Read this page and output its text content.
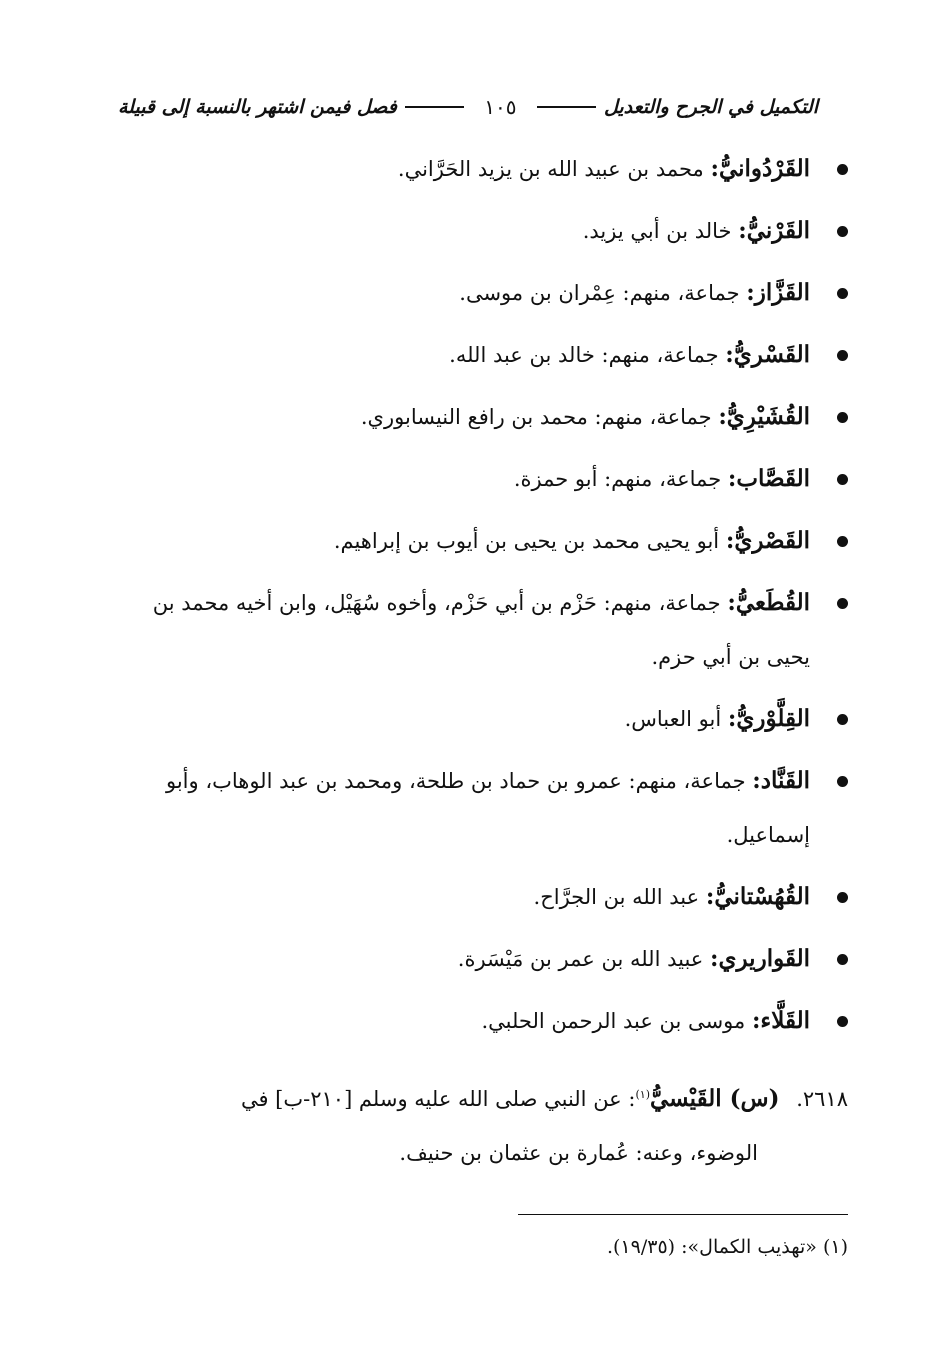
التكميل في الجرح والتعديل
١٠٥
فصل فيمن اشتهر بالنسبة إلى قبيلة
القَرْدُوانيُّ: محمد بن عبيد الله بن يزيد الحَرَّاني.
القَرْنيُّ: خالد بن أبي يزيد.
القَزَّاز: جماعة، منهم: عِمْران بن موسى.
القَسْريُّ: جماعة، منهم: خالد بن عبد الله.
القُشَيْرِيُّ: جماعة، منهم: محمد بن رافع النيسابوري.
القَصَّاب: جماعة، منهم: أبو حمزة.
القَصْريُّ: أبو يحيى محمد بن يحيى بن أيوب بن إبراهيم.
القُطَعيُّ: جماعة، منهم: حَزْم بن أبي حَزْم، وأخوه سُهَيْل، وابن أخيه محمد بن يحيى بن أبي حزم.
القِلَّوْريُّ: أبو العباس.
القَنَّاد: جماعة، منهم: عمرو بن حماد بن طلحة، ومحمد بن عبد الوهاب، وأبو إسماعيل.
القُهُسْتانيُّ: عبد الله بن الجرَّاح.
القَواريري: عبيد الله بن عمر بن مَيْسَرة.
القَلَّاء: موسى بن عبد الرحمن الحلبي.
٢٦١٨. (س) القَيْسيُّ$^{(١)}$: عن النبي صلى الله عليه وسلم [٢١٠-ب] في
الوضوء، وعنه: عُمارة بن عثمان بن حنيف.
(١) «تهذيب الكمال»: (١٩/٣٥).
